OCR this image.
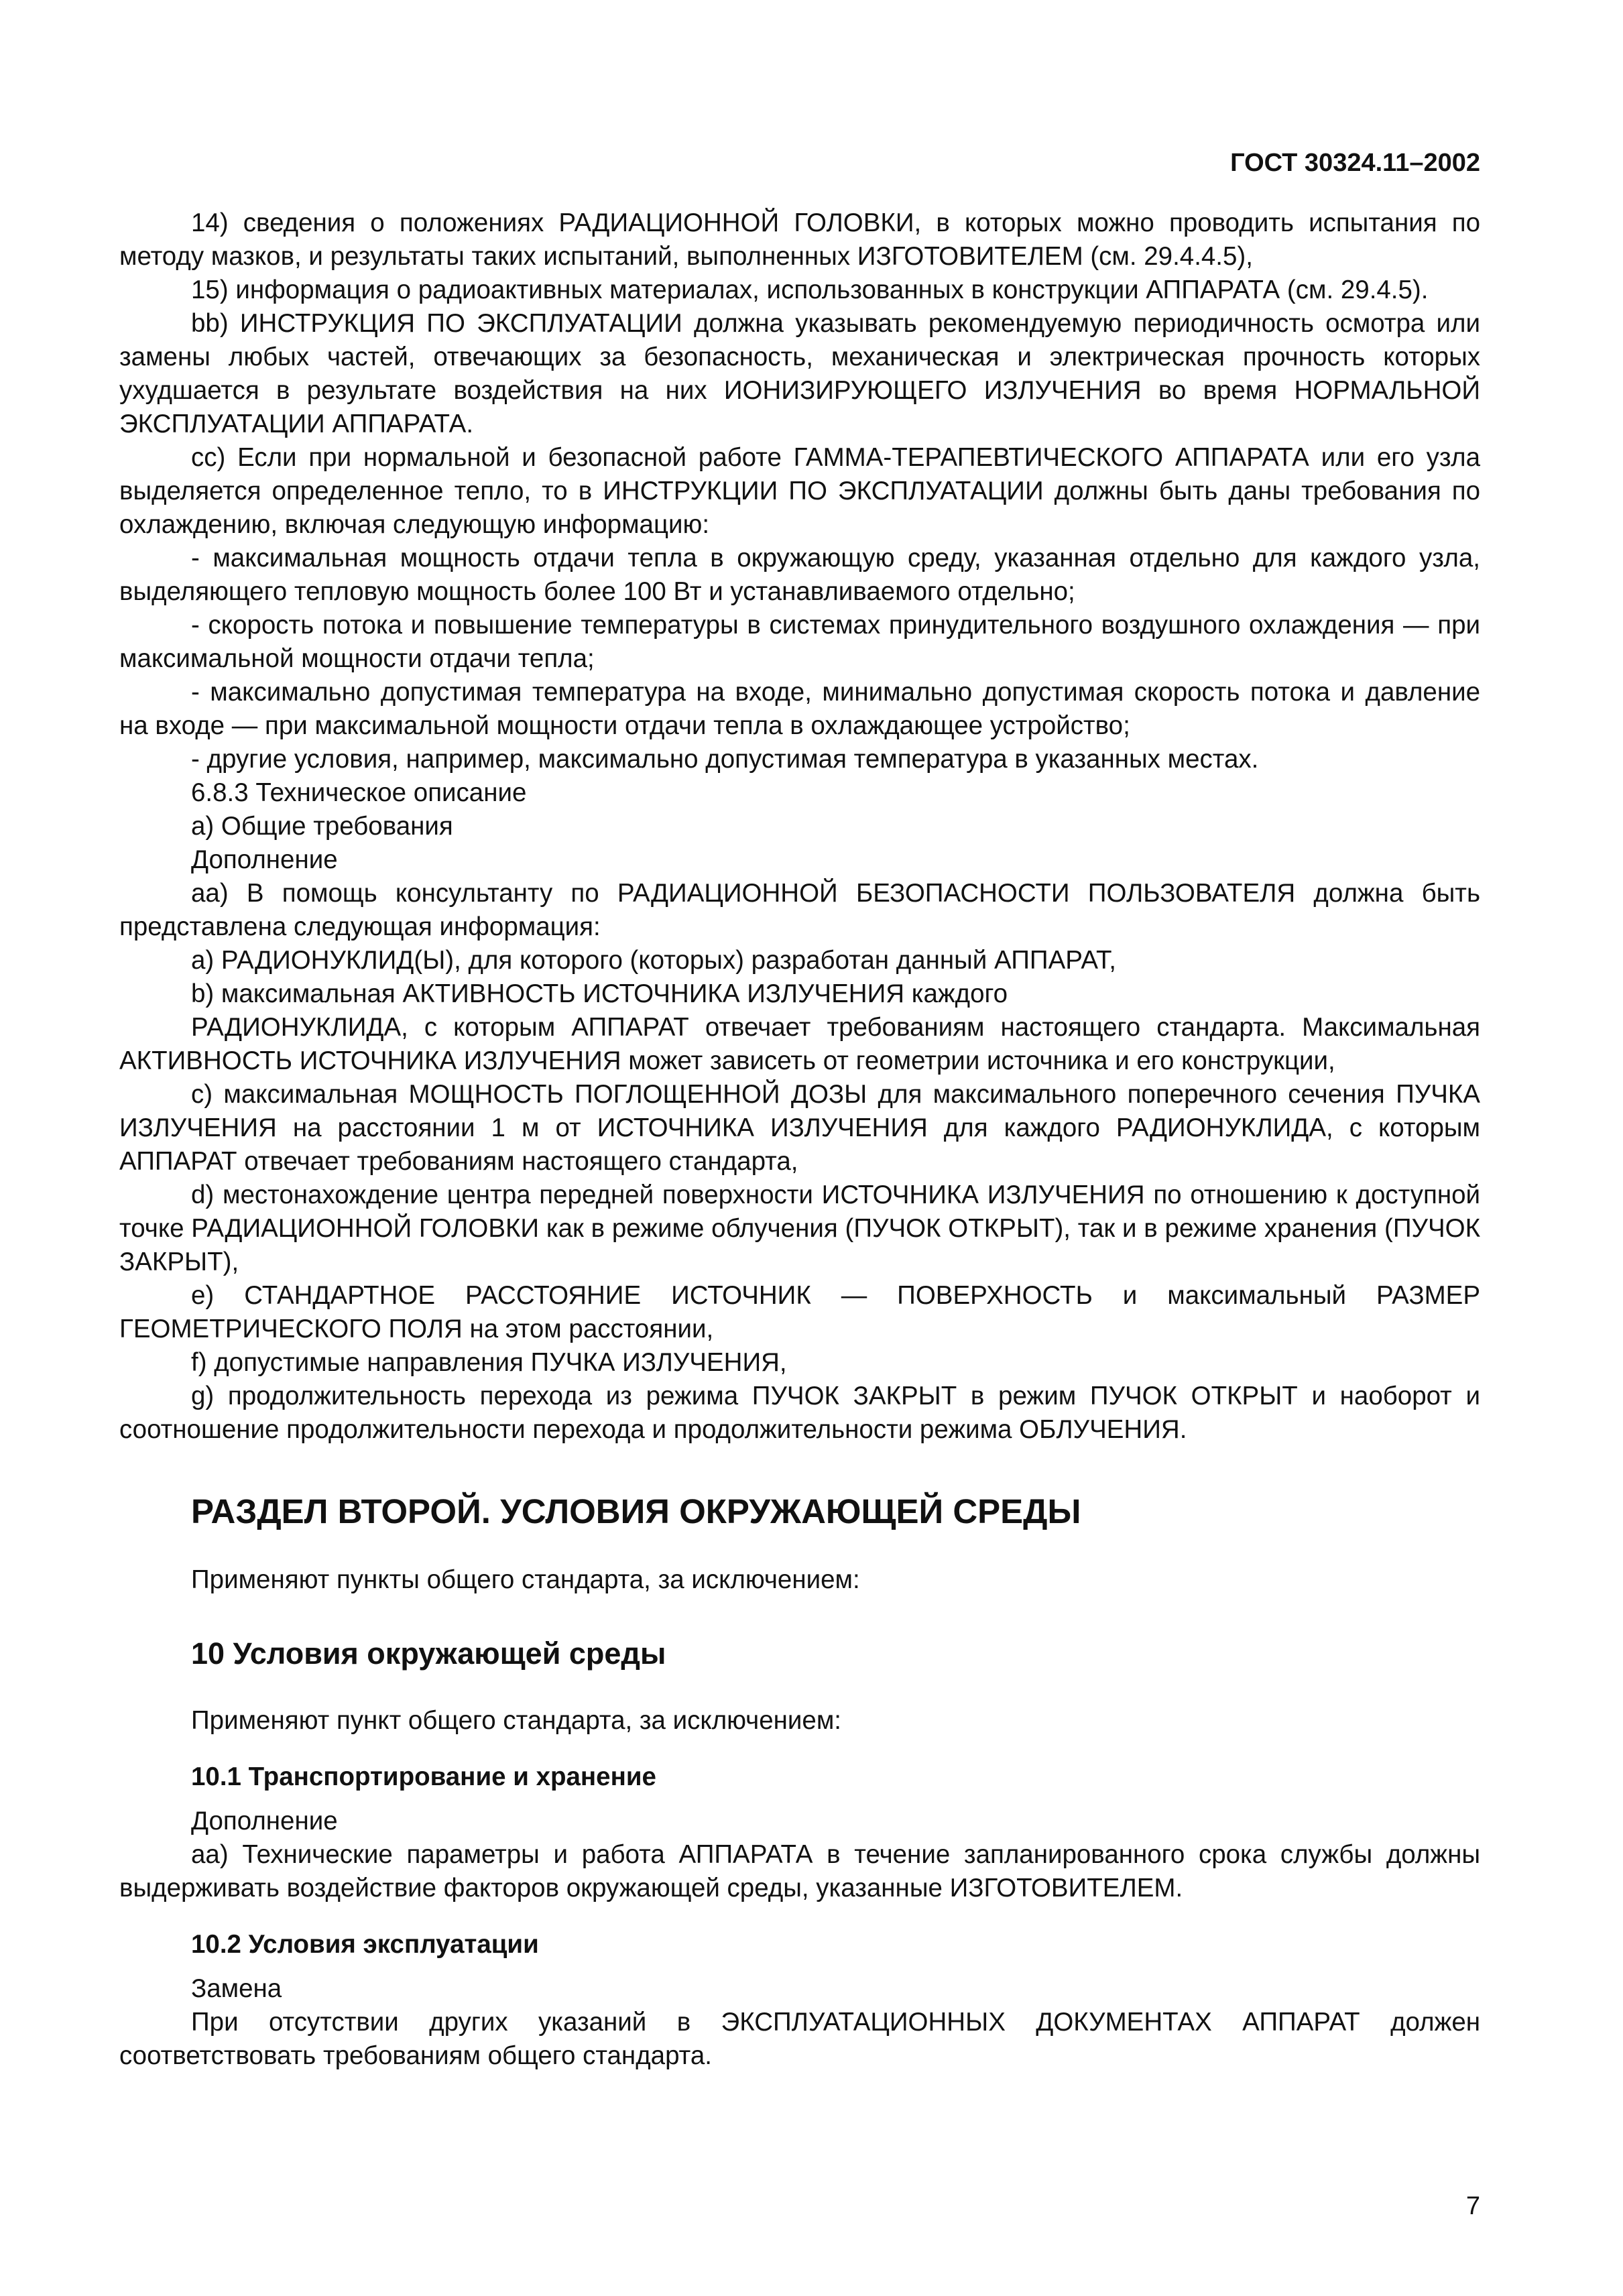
ГОСТ 30324.11–2002

14) сведения о положениях РАДИАЦИОННОЙ ГОЛОВКИ, в которых можно проводить испытания по методу мазков, и результаты таких испытаний, выполненных ИЗГОТОВИТЕЛЕМ (см. 29.4.4.5),

15) информация о радиоактивных материалах, использованных в конструкции АППАРАТА (см. 29.4.5).

bb) ИНСТРУКЦИЯ ПО ЭКСПЛУАТАЦИИ должна указывать рекомендуемую периодичность осмотра или замены любых частей, отвечающих за безопасность, механическая и электрическая прочность которых ухудшается в результате воздействия на них ИОНИЗИРУЮЩЕГО ИЗЛУЧЕНИЯ во время НОРМАЛЬНОЙ ЭКСПЛУАТАЦИИ АППАРАТА.

cc) Если при нормальной и безопасной работе ГАММА-ТЕРАПЕВТИЧЕСКОГО АППАРАТА или его узла выделяется определенное тепло, то в ИНСТРУКЦИИ ПО ЭКСПЛУАТАЦИИ должны быть даны требования по охлаждению, включая следующую информацию:

- максимальная мощность отдачи тепла в окружающую среду, указанная отдельно для каждого узла, выделяющего тепловую мощность более 100 Вт и устанавливаемого отдельно;

- скорость потока и повышение температуры в системах принудительного воздушного охлаждения — при максимальной мощности отдачи тепла;

- максимально допустимая температура на входе, минимально допустимая скорость потока и давление на входе — при максимальной мощности отдачи тепла в охлаждающее устройство;

- другие условия, например, максимально допустимая температура в указанных местах.

6.8.3 Техническое описание

a) Общие требования

Дополнение

aa) В помощь консультанту по РАДИАЦИОННОЙ БЕЗОПАСНОСТИ ПОЛЬЗОВАТЕЛЯ должна быть представлена следующая информация:

a) РАДИОНУКЛИД(Ы), для которого (которых) разработан данный АППАРАТ,

b) максимальная АКТИВНОСТЬ ИСТОЧНИКА ИЗЛУЧЕНИЯ каждого

РАДИОНУКЛИДА, с которым АППАРАТ отвечает требованиям настоящего стандарта. Максимальная АКТИВНОСТЬ ИСТОЧНИКА ИЗЛУЧЕНИЯ может зависеть от геометрии источника и его конструкции,

c) максимальная МОЩНОСТЬ ПОГЛОЩЕННОЙ ДОЗЫ для максимального поперечного сечения ПУЧКА ИЗЛУЧЕНИЯ на расстоянии 1 м от ИСТОЧНИКА ИЗЛУЧЕНИЯ для каждого РАДИОНУКЛИДА, с которым АППАРАТ отвечает требованиям настоящего стандарта,

d) местонахождение центра передней поверхности ИСТОЧНИКА ИЗЛУЧЕНИЯ по отношению к доступной точке РАДИАЦИОННОЙ ГОЛОВКИ как в режиме облучения (ПУЧОК ОТКРЫТ), так и в режиме хранения (ПУЧОК ЗАКРЫТ),

e) СТАНДАРТНОЕ РАССТОЯНИЕ ИСТОЧНИК — ПОВЕРХНОСТЬ и максимальный РАЗМЕР ГЕОМЕТРИЧЕСКОГО ПОЛЯ на этом расстоянии,

f) допустимые направления ПУЧКА ИЗЛУЧЕНИЯ,

g) продолжительность перехода из режима ПУЧОК ЗАКРЫТ в режим ПУЧОК ОТКРЫТ и наоборот и соотношение продолжительности перехода и продолжительности режима ОБЛУЧЕНИЯ.

РАЗДЕЛ ВТОРОЙ. УСЛОВИЯ ОКРУЖАЮЩЕЙ СРЕДЫ

Применяют пункты общего стандарта, за исключением:

10 Условия окружающей среды

Применяют пункт общего стандарта, за исключением:

10.1 Транспортирование и хранение

Дополнение

aa) Технические параметры и работа АППАРАТА в течение запланированного срока службы должны выдерживать воздействие факторов окружающей среды, указанные ИЗГОТОВИТЕЛЕМ.

10.2 Условия эксплуатации

Замена

При отсутствии других указаний в ЭКСПЛУАТАЦИОННЫХ ДОКУМЕНТАХ АППАРАТ должен соответствовать требованиям общего стандарта.

7
